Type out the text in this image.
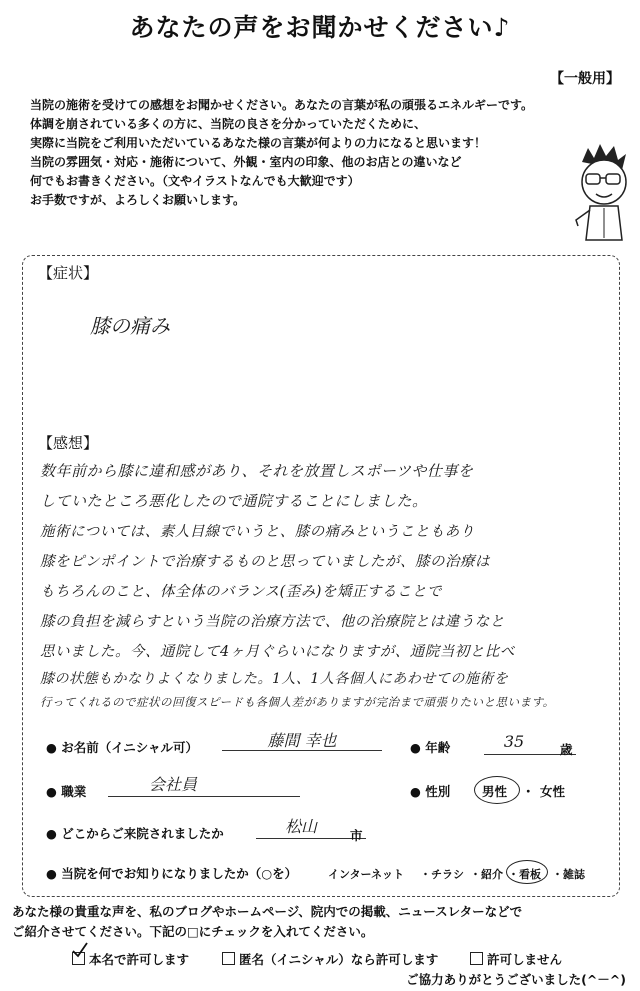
あなたの声をお聞かせください♪
【一般用】
当院の施術を受けての感想をお聞かせください。あなたの言葉が私の頑張るエネルギーです。
体調を崩されている多くの方に、当院の良さを分かっていただくために、
実際に当院をご利用いただいているあなた様の言葉が何よりの力になると思います！
当院の雰囲気・対応・施術について、外観・室内の印象、他のお店との違いなど
何でもお書きください。（文やイラストなんでも大歓迎です）
お手数ですが、よろしくお願いします。
【症状】
膝の痛み
【感想】
数年前から膝に違和感があり、それを放置しスポーツや仕事を
していたところ悪化したので通院することにしました。
施術については、素人目線でいうと、膝の痛みということもあり
膝をピンポイントで治療するものと思っていましたが、膝の治療は
もちろんのこと、体全体のバランス(歪み)を矯正することで
膝の負担を減らすという当院の治療方法で、他の治療院とは違うなと
思いました。今、通院して4ヶ月ぐらいになりますが、通院当初と比べ
膝の状態もかなりよくなりました。1人、1人各個人にあわせての施術を
行ってくれるので症状の回復スピードも各個人差がありますが完治まで頑張りたいと思います。
● お名前（イニシャル可）	藤間 幸也	● 年齢	35	歳
● 職業	会社員	● 性別	男性 ・ 女性
● どこからご来院されましたか	松山	市
● 当院を何でお知りになりましたか（○を）	インターネット ・チラシ ・紹介 ・看板 ・雑誌
あなた様の貴重な声を、私のブログやホームページ、院内での掲載、ニュースレターなどで
ご紹介させてください。下記の□にチェックを入れてください。
本名で許可します	匿名（イニシャル）なら許可します	許可しません
ご協力ありがとうございました(^－^)
